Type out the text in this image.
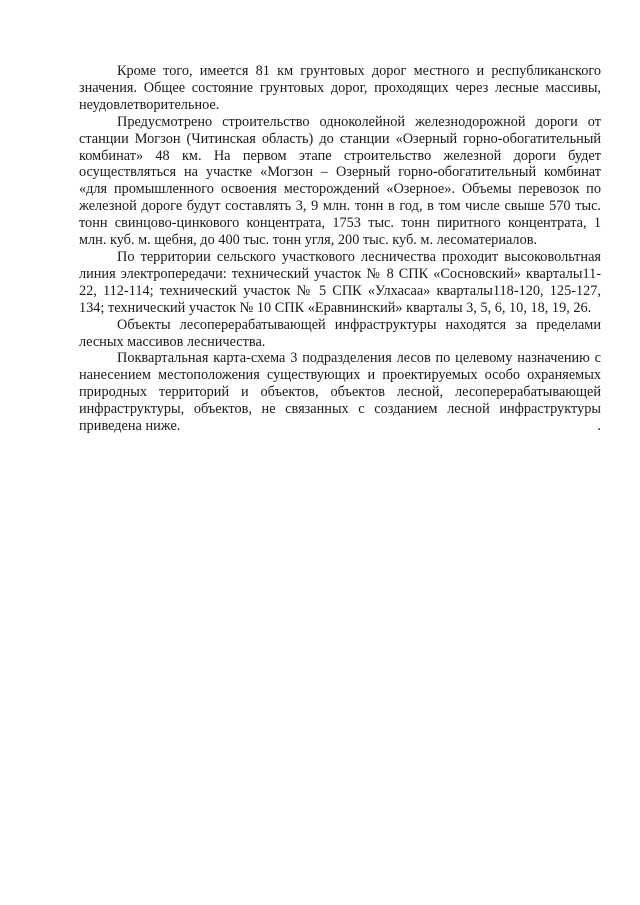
Кроме того, имеется 81 км грунтовых дорог местного и республиканского значения. Общее состояние грунтовых дорог, проходящих через лесные массивы, неудовлетворительное.

Предусмотрено строительство одноколейной железнодорожной дороги от станции Могзон (Читинская область) до станции «Озерный горно-обогатительный комбинат» 48 км. На первом этапе строительство железной дороги будет осуществляться на участке «Могзон – Озерный горно-обогатительный комбинат «для промышленного освоения месторождений «Озерное». Объемы перевозок по железной дороге будут составлять 3, 9 млн. тонн в год, в том числе свыше 570 тыс. тонн свинцово-цинкового концентрата, 1753 тыс. тонн пиритного концентрата, 1 млн. куб. м. щебня, до 400 тыс. тонн угля, 200 тыс. куб. м. лесоматериалов.

По территории сельского участкового лесничества проходит высоковольтная линия электропередачи: технический участок № 8 СПК «Сосновский» кварталы11-22, 112-114; технический участок № 5 СПК «Улхасаа» кварталы118-120, 125-127, 134; технический участок № 10 СПК «Еравнинский» кварталы 3, 5, 6, 10, 18, 19, 26.

Объекты лесоперерабатывающей инфраструктуры находятся за пределами лесных массивов лесничества.

Поквартальная карта-схема 3 подразделения лесов по целевому назначению с нанесением местоположения существующих и проектируемых особо охраняемых природных территорий и объектов, объектов лесной, лесоперерабатывающей инфраструктуры, объектов, не связанных с созданием лесной инфраструктуры приведена ниже.	.
